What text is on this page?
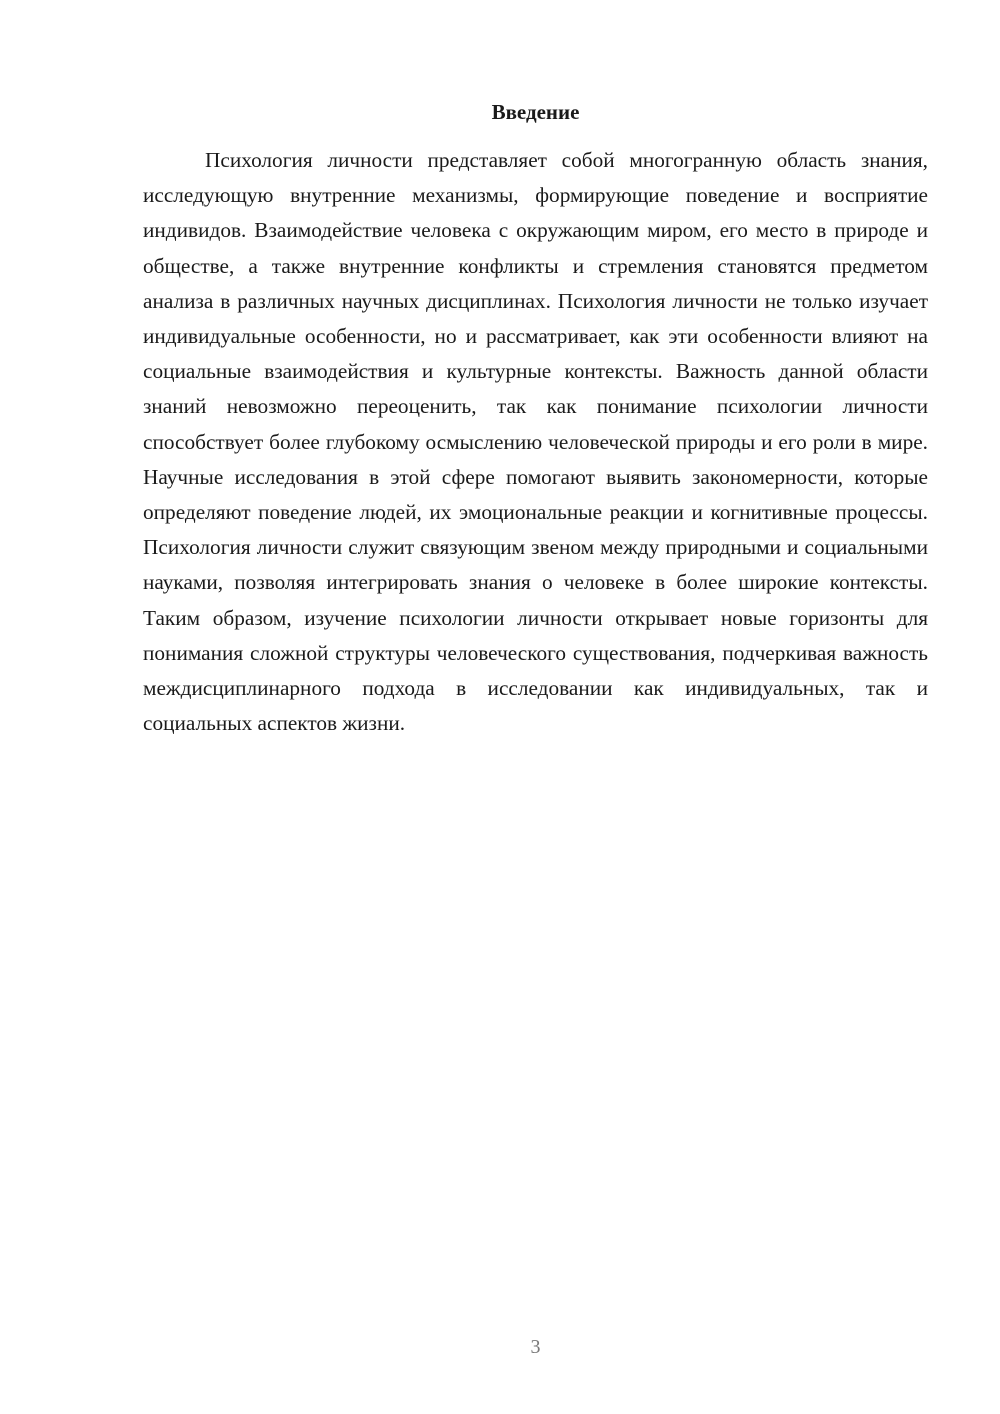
Введение

Психология личности представляет собой многогранную область знания, исследующую внутренние механизмы, формирующие поведение и восприятие индивидов. Взаимодействие человека с окружающим миром, его место в природе и обществе, а также внутренние конфликты и стремления становятся предметом анализа в различных научных дисциплинах. Психология личности не только изучает индивидуальные особенности, но и рассматривает, как эти особенности влияют на социальные взаимодействия и культурные контексты. Важность данной области знаний невозможно переоценить, так как понимание психологии личности способствует более глубокому осмыслению человеческой природы и его роли в мире. Научные исследования в этой сфере помогают выявить закономерности, которые определяют поведение людей, их эмоциональные реакции и когнитивные процессы. Психология личности служит связующим звеном между природными и социальными науками, позволяя интегрировать знания о человеке в более широкие контексты. Таким образом, изучение психологии личности открывает новые горизонты для понимания сложной структуры человеческого существования, подчеркивая важность междисциплинарного подхода в исследовании как индивидуальных, так и социальных аспектов жизни.

3
